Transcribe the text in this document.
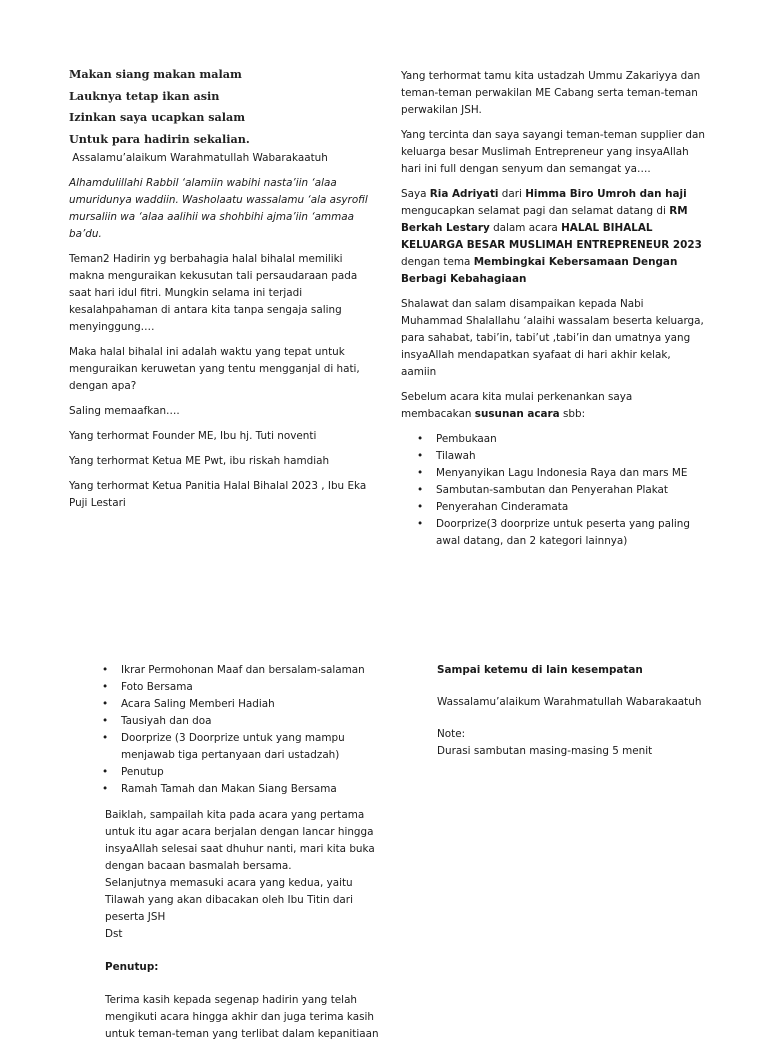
Makan siang makan malam

Lauknya tetap ikan asin

Izinkan saya ucapkan salam

Untuk para hadirin sekalian.

Assalamu’alaikum Warahmatullah Wabarakaatuh

Alhamdulillahi Rabbil ‘alamiin wabihi nasta’iin ‘alaa umuridunya waddiin. Washolaatu wassalamu ‘ala asyrofil mursaliin wa ‘alaa aalihii wa shohbihi ajma’iin ‘ammaa ba’du.

Teman2 Hadirin yg berbahagia halal bihalal memiliki makna menguraikan kekusutan tali persaudaraan pada saat hari idul fitri. Mungkin selama ini terjadi kesalahpahaman di antara kita tanpa sengaja saling menyinggung….

Maka halal bihalal ini adalah waktu yang tepat untuk menguraikan keruwetan yang tentu mengganjal di hati, dengan apa?

Saling memaafkan….

Yang terhormat Founder ME, Ibu hj. Tuti noventi

Yang terhormat Ketua ME Pwt, ibu riskah hamdiah

Yang terhormat Ketua Panitia Halal Bihalal 2023 , Ibu Eka Puji Lestari

Yang terhormat tamu kita ustadzah Ummu Zakariyya dan teman-teman perwakilan ME Cabang serta teman-teman perwakilan JSH.

Yang tercinta dan saya sayangi teman-teman supplier dan keluarga besar Muslimah Entrepreneur yang insyaAllah hari ini full dengan senyum dan semangat ya….

Saya Ria Adriyati dari Himma Biro Umroh dan haji mengucapkan selamat pagi dan selamat datang di RM Berkah Lestary dalam acara HALAL BIHALAL KELUARGA BESAR MUSLIMAH ENTREPRENEUR 2023 dengan tema Membingkai Kebersamaan Dengan Berbagi Kebahagiaan

Shalawat dan salam disampaikan kepada Nabi Muhammad Shalallahu ‘alaihi wassalam beserta keluarga, para sahabat, tabi’in, tabi’ut ,tabi’in dan umatnya yang insyaAllah mendapatkan syafaat di hari akhir kelak, aamiin

Sebelum acara kita mulai perkenankan saya membacakan susunan acara sbb:

• Pembukaan
• Tilawah
• Menyanyikan Lagu Indonesia Raya dan mars ME
• Sambutan-sambutan dan Penyerahan Plakat
• Penyerahan Cinderamata
• Doorprize(3 doorprize untuk peserta yang paling awal datang, dan 2 kategori lainnya)
• Ikrar Permohonan Maaf dan bersalam-salaman
• Foto Bersama
• Acara Saling Memberi Hadiah
• Tausiyah dan doa
• Doorprize (3 Doorprize untuk yang mampu menjawab tiga pertanyaan dari ustadzah)
• Penutup
• Ramah Tamah dan Makan Siang Bersama

Baiklah, sampailah kita pada acara yang pertama untuk itu agar acara berjalan dengan lancar hingga insyaAllah selesai saat dhuhur nanti, mari kita buka dengan bacaan basmalah bersama.

Selanjutnya memasuki acara yang kedua, yaitu Tilawah yang akan dibacakan oleh Ibu Titin dari peserta JSH

Dst

Penutup:

Terima kasih kepada segenap hadirin yang telah mengikuti acara hingga akhir dan juga terima kasih untuk teman-teman yang terlibat dalam kepanitiaan

Sampai ketemu di lain kesempatan

Wassalamu’alaikum Warahmatullah Wabarakaatuh

Note:

Durasi sambutan masing-masing 5 menit
